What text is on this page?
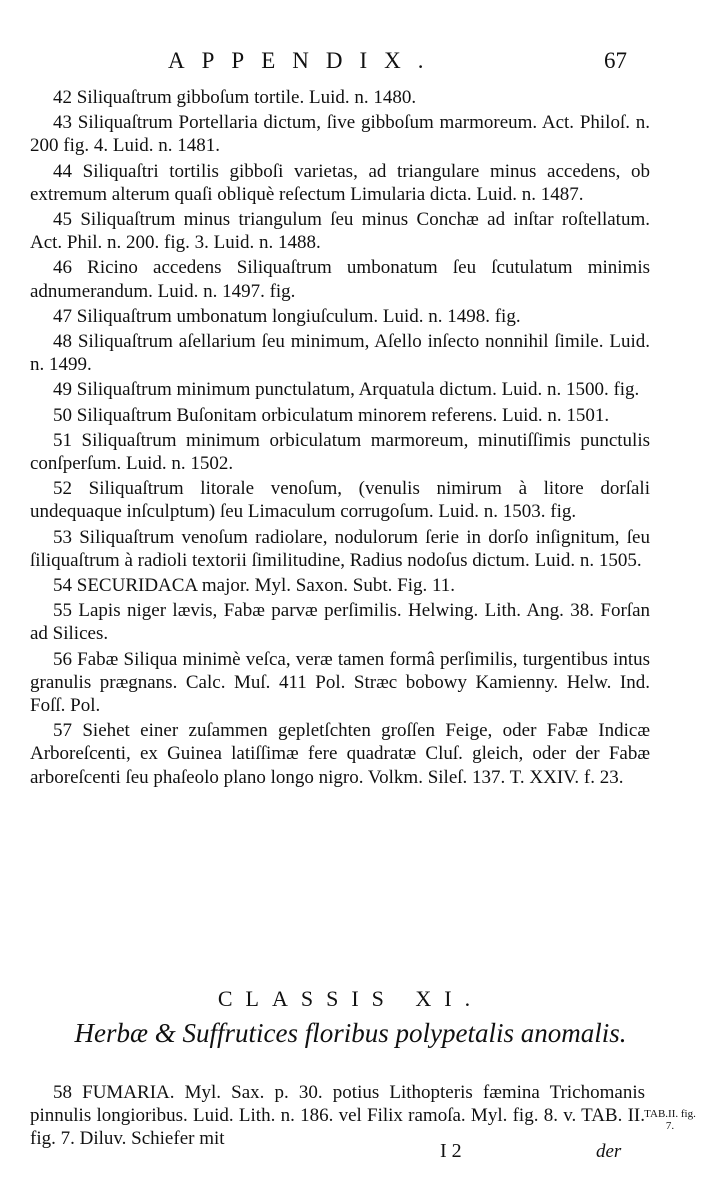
APPENDIX.	67

42 Siliquaſtrum gibboſum tortile. Luid. n. 1480.

43 Siliquaſtrum Portellaria dictum, ſive gibboſum marmoreum. Act. Philoſ. n. 200 fig. 4. Luid. n. 1481.

44 Siliquaſtri tortilis gibboſi varietas, ad triangulare minus accedens, ob extremum alterum quaſi obliquè reſectum Limularia dicta. Luid. n. 1487.

45 Siliquaſtrum minus triangulum ſeu minus Conchæ ad inſtar roſtellatum. Act. Phil. n. 200. fig. 3. Luid. n. 1488.

46 Ricino accedens Siliquaſtrum umbonatum ſeu ſcutulatum minimis adnumerandum. Luid. n. 1497. fig.

47 Siliquaſtrum umbonatum longiuſculum. Luid. n. 1498. fig.

48 Siliquaſtrum aſellarium ſeu minimum, Aſello inſecto nonnihil ſimile. Luid. n. 1499.

49 Siliquaſtrum minimum punctulatum, Arquatula dictum. Luid. n. 1500. fig.

50 Siliquaſtrum Buſonitam orbiculatum minorem referens. Luid. n. 1501.

51 Siliquaſtrum minimum orbiculatum marmoreum, minutiſſimis punctulis conſperſum. Luid. n. 1502.

52 Siliquaſtrum litorale venoſum, (venulis nimirum à litore dorſali undequaque inſculptum) ſeu Limaculum corrugoſum. Luid. n. 1503. fig.

53 Siliquaſtrum venoſum radiolare, nodulorum ſerie in dorſo inſignitum, ſeu ſiliquaſtrum à radioli textorii ſimilitudine, Radius nodoſus dictum. Luid. n. 1505.

54 SECURIDACA major. Myl. Saxon. Subt. Fig. 11.

55 Lapis niger lævis, Fabæ parvæ perſimilis. Helwing. Lith. Ang. 38. Forſan ad Silices.

56 Fabæ Siliqua minimè veſca, veræ tamen formâ perſimilis, turgentibus intus granulis prægnans. Calc. Muſ. 411 Pol. Stræc bobowy Kamienny. Helw. Ind. Foſſ. Pol.

57 Siehet einer zuſammen gepletſchten groſſen Feige, oder Fabæ Indicæ Arboreſcenti, ex Guinea latiſſimæ fere quadratæ Cluſ. gleich, oder der Fabæ arboreſcenti ſeu phaſeolo plano longo nigro. Volkm. Sileſ. 137. T. XXIV. f. 23.

CLASSIS XI.
Herbæ & Suffrutices floribus polypetalis anomalis.

58 FUMARIA. Myl. Sax. p. 30. potius Lithopteris fæmina Trichomanis pinnulis longioribus. Luid. Lith. n. 186. vel Filix ramoſa. Myl. fig. 8. v. TAB. II. fig. 7. Diluv. Schiefer mit

TAB.II. fig. 7.
I 2	der
